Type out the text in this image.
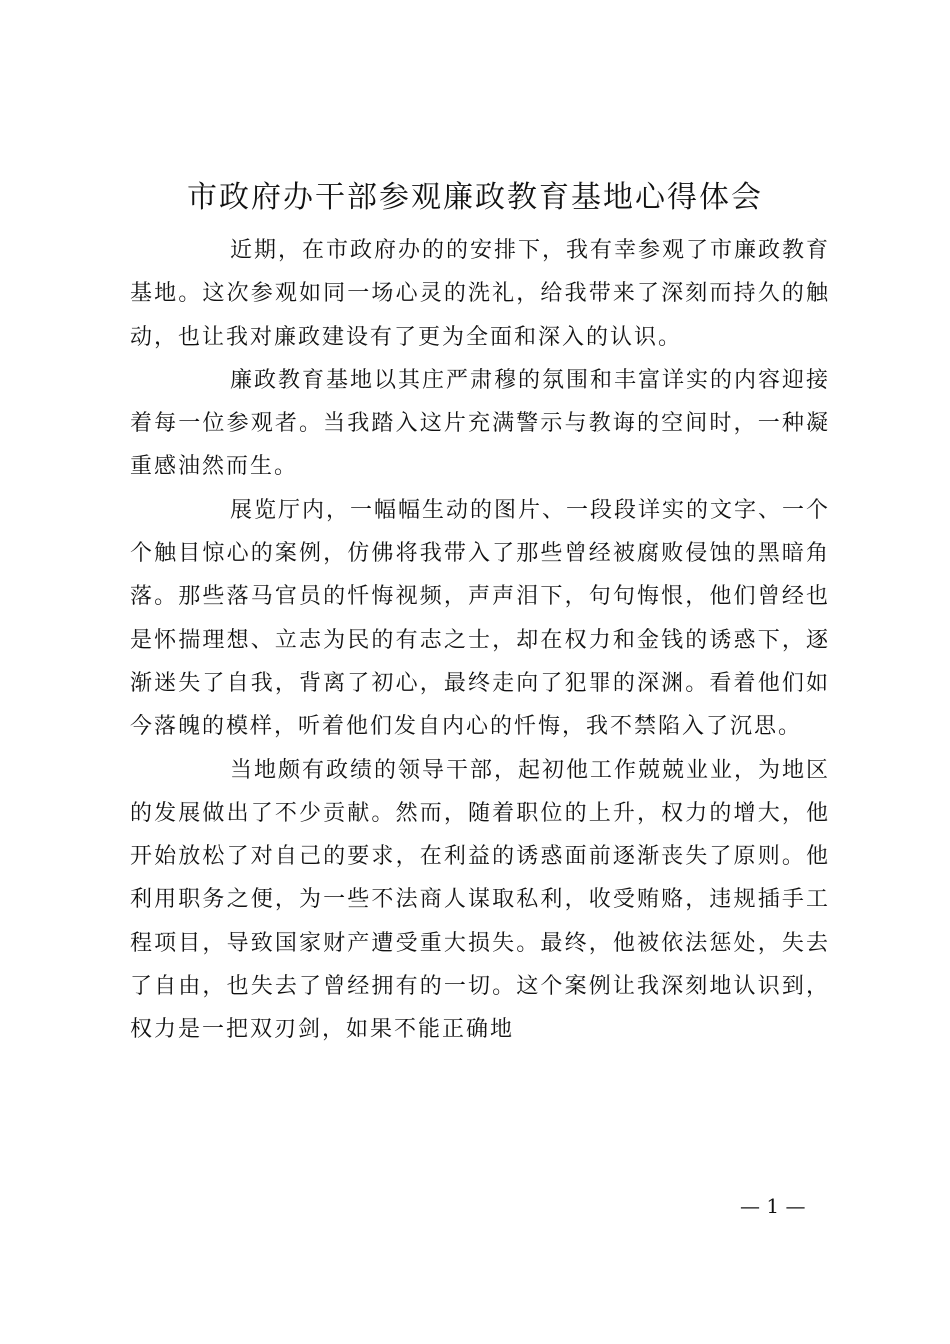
市政府办干部参观廉政教育基地心得体会

近期，在市政府办的的安排下，我有幸参观了市廉政教育基地。这次参观如同一场心灵的洗礼，给我带来了深刻而持久的触动，也让我对廉政建设有了更为全面和深入的认识。

廉政教育基地以其庄严肃穆的氛围和丰富详实的内容迎接着每一位参观者。当我踏入这片充满警示与教诲的空间时，一种凝重感油然而生。

展览厅内，一幅幅生动的图片、一段段详实的文字、一个个触目惊心的案例，仿佛将我带入了那些曾经被腐败侵蚀的黑暗角落。那些落马官员的忏悔视频，声声泪下，句句悔恨，他们曾经也是怀揣理想、立志为民的有志之士，却在权力和金钱的诱惑下，逐渐迷失了自我，背离了初心，最终走向了犯罪的深渊。看着他们如今落魄的模样，听着他们发自内心的忏悔，我不禁陷入了沉思。

当地颇有政绩的领导干部，起初他工作兢兢业业，为地区的发展做出了不少贡献。然而，随着职位的上升，权力的增大，他开始放松了对自己的要求，在利益的诱惑面前逐渐丧失了原则。他利用职务之便，为一些不法商人谋取私利，收受贿赂，违规插手工程项目，导致国家财产遭受重大损失。最终，他被依法惩处，失去了自由，也失去了曾经拥有的一切。这个案例让我深刻地认识到，权力是一把双刃剑，如果不能正确地

— 1 —
